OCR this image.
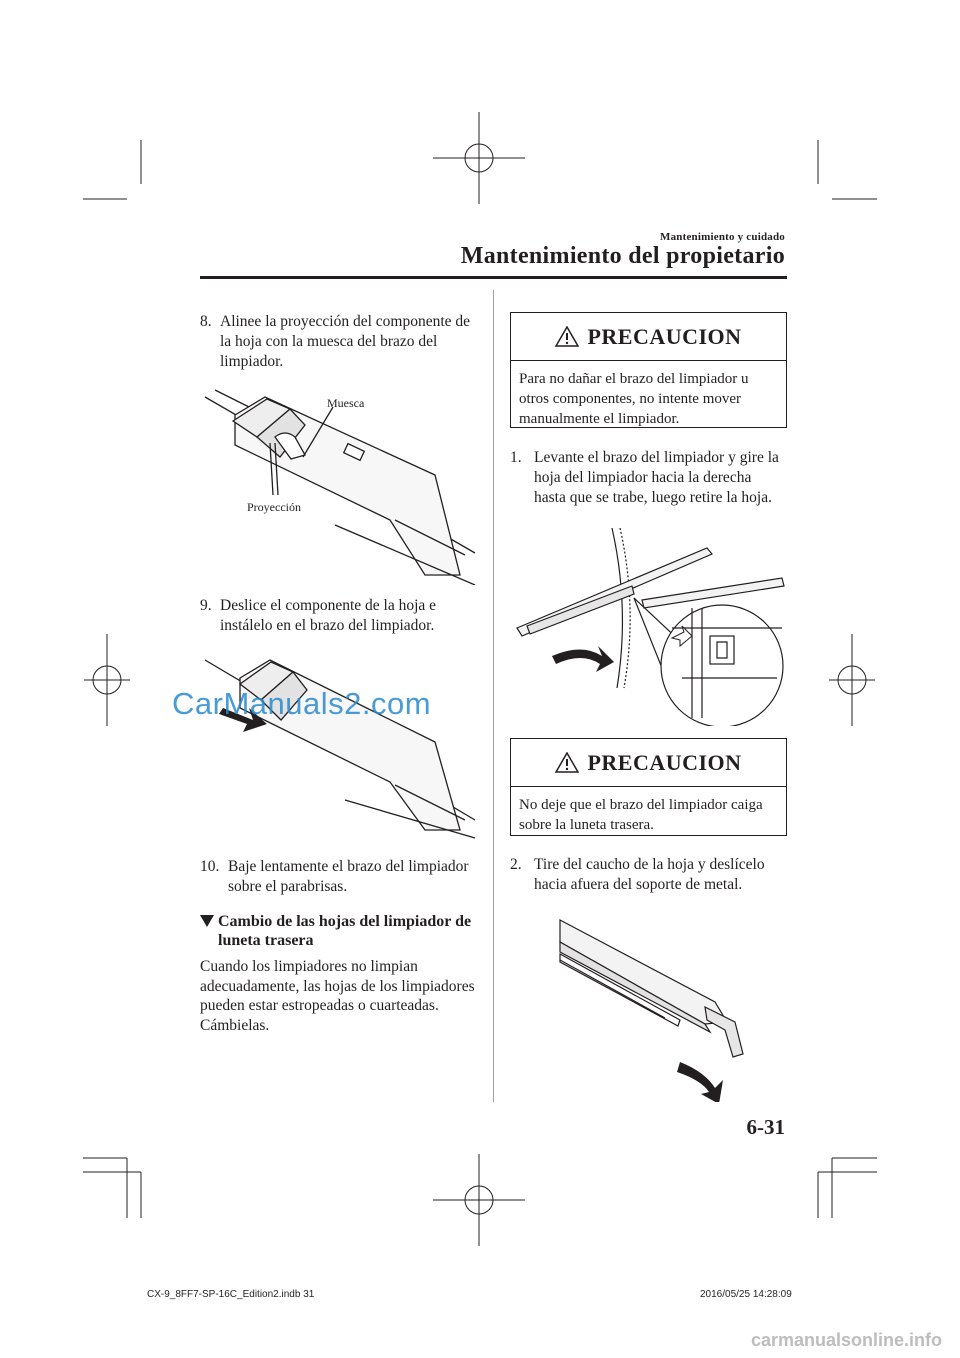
Mantenimiento y cuidado
Mantenimiento del propietario
8. Alinee la proyección del componente de la hoja con la muesca del brazo del limpiador.
Muesca
Proyección
9. Deslice el componente de la hoja e instálelo en el brazo del limpiador.
10. Baje lentamente el brazo del limpiador sobre el parabrisas.
Cambio de las hojas del limpiador de luneta trasera
Cuando los limpiadores no limpian adecuadamente, las hojas de los limpiadores pueden estar estropeadas o cuarteadas.
Cámbielas.
PRECAUCION
Para no dañar el brazo del limpiador u otros componentes, no intente mover manualmente el limpiador.
1. Levante el brazo del limpiador y gire la hoja del limpiador hacia la derecha hasta que se trabe, luego retire la hoja.
PRECAUCION
No deje que el brazo del limpiador caiga sobre la luneta trasera.
2. Tire del caucho de la hoja y deslícelo hacia afuera del soporte de metal.
6-31
CX-9_8FF7-SP-16C_Edition2.indb 31	2016/05/25 14:28:09
CarManuals2.com
carmanualsonline.info
